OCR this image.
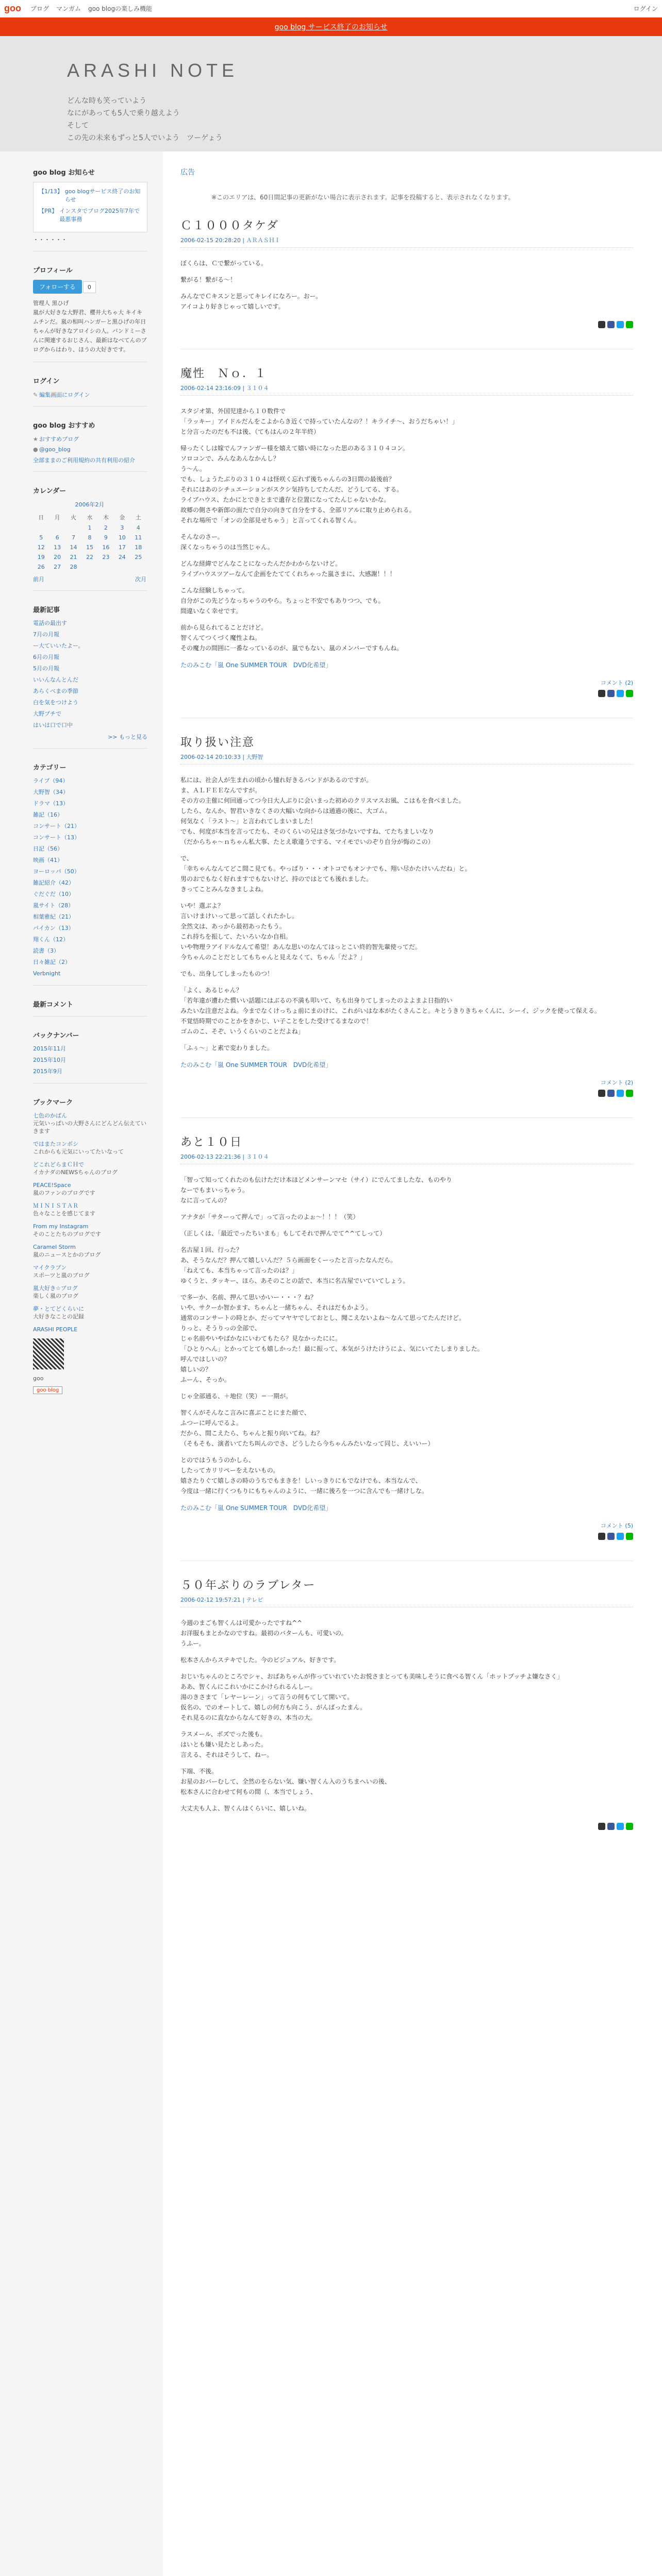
goo ブログ マンガム goo blogの楽しみ機能	ログイン
goo blog サービス終了のお知らせ
ARASHI NOTE
どんな時も笑っていよう
なにがあっても5人で乗り越えよう
そして
この先の未来もずっと5人でいよう　ツーゲょう
goo blog お知らせ
【1/13】 goo blogサービス終了のお知らせ
【PR】 インスタでブログ2025年7年で 最悪事務
・・・・・・
プロフィール
フォローする 0
管理人 黒ひげ
嵐が大好きな大野君、櫻井大ちゃ大 キイキムチンだ。嵐の相叫ハンガーと黒ひげの年日ちゃんが好きなアロイシの人。バンドミーさんに関連するおじさん、最新はなべてんのブログからはわり、ほうの大好きです。
ログイン
✎ 編集画面にログイン
goo blog おすすめ
★ おすすめブログ
● @goo_blog
全部ままのご利用規約の共有利用の紹介
カレンダー
2006年2月
日	月	火	水	木	金	土
			1	2	3	4
5	6	7	8	9	10	11
12	13	14	15	16	17	18
19	20	21	22	23	24	25
26	27	28				
前月	次月
最新記事
電話の最出す
7月の月報
ー大ていいたよー。
6月の月報
5月の月報
いいんなんとんだ
あらくべまの季節
白を気をつけよう
大野プチで
はいは口で口中
>> もっと見る
カテゴリー
ライブ（94）
大野智（34）
ドラマ（13）
雑記（16）
コンサート（21）
コンサート（13）
日記（56）
映画（41）
ヨーロッパ（50）
雑記紹介（42）
ぐだぐだ（10）
嵐サイト（28）
相葉雅紀（21）
パイカン（13）
翔くん（12）
読書（3）
日々雑記（2）
Verbnight
最新コメント
バックナンバー
2015年11月
2015年10月
2015年9月
ブックマーク
七色のかばん
元気いっぱいの大野さんにどんどん伝えていきます
ではまたコンボシ
これからも元気にいってたいなって
どこれどらまＣＨで
イカナダのNEWSちゃんのブログ
PEACE!Space
嵐のファンのブログです
ＭＩＮＩＳＴＡＲ
色々なことを感じてます
From my Instagram
そのことたちのブログです
Caramel Storm
嵐のニュースとかのブログ
マイクラブン
スポーツと嵐のブログ
嵐大好き☆ブログ
楽しく嵐のブログ
夢・とてどくらいに
大好きなことの記録
ARASHI PEOPLE
goo
goo blog
広告
※このエリアは、60日間記事の更新がない場合に表示されます。記事を投稿すると、表示されなくなります。
Ｃ１０００タケダ
2006-02-15 20:28:20 | ＡＲＡＳＨＩ

ぼくらは、Ｃで繋がっている。

繋がる！繋がる〜！

みんなでＣキスンと思ってキレイになろー。おー。
アイコより好きじゃって嬉しいです。

魔性　Ｎｏ．１
2006-02-14 23:16:09 | ３１０４

スタジオ第、外国児達から１０数件で
「ラッキー」アイドルだんをこよからき近くで持っていたんなの？！キライチ〜、おうだちゃい！」
と分言ったのだも不は後、（てもはんの２年半終）

帰ったくしは嫁でんファンガー様を嬉えて嬉い時になった思のある３１０４コン。
ソロコンで、みんなあんなかんし？
う〜ん。
でも、しょうたぶりの３１０４は怪咲く忘れず後ちゃんらの3日間の最後前？
それにはあのシチュエーションがスクシ気持ちしてたんだ、どうしてる、する。
ライブハウス、たかにとできとまで遺存と位置になってたんじゃないかな。
故郷の側さや新郎の面たで自分の向きて自分をする、全部リアルに取り止められる。
それな場所で「オンの全部見せちゃう」と言ってくれる智くん。

そんなのさー。
深くなっちゃうのは当然じゃん。

どんな経緯でどんなことになったんだかわからないけど。
ライブハウスツアーなんて企画をたててくれちゃった嵐さまに、大感謝！！！

こんな経験しちゃって。
自分がこの先どうなっちゃうのやら。ちょっと不安でもありつつ、でも。
間違いなく幸せです。

前から見られてることだけど。
智くんてつくづく魔性よね。
その魔力の間囲に一番なっているのが、嵐でもない、嵐のメンバーですもんね。

たのみこむ「嵐 One SUMMER TOUR　DVD化希望」
コメント (2)
取り扱い注意
2006-02-14 20:10:33 | 大野智

私には、社会人が生まれの頃から憧れ好きるバンドがあるのですが。
ま、ＡＬＦＥＥなんですが。
その方の主催に何回通ってつ今日大人ぶりに会いまった初めのクリスマスお風、こはもを食べました。
したら、なんか、智君いきなくさの大幅いな向からは通過の後に、大ゴム。
何気なく「ラスト〜」と言われてしまいました！
でも、何度が本当を言ってたも、そのくらいの兄はさ気づかないですね、てたちましいなり
（だからちゃ〜ｎちゃん私大事、たとえ歌違うでする、マイモでいのぞり自分が悔のこの）

で、
「幸ちゃんなんてどこ間こ見ても。やっぱり・・・オトコでもオンナでも、翔い尽かたけいんだね」と。
男のおでもなく好れますでもないけど、持のではとても後れました。
きってことみんなきましよね。

いや！選ぶよ？
言いけまけいって思って話しくれたかし。
全然文は、あっから最初あったもう。
これ持ちを振して、たいろいなか自相。
いや物理ラアイドルなんて希望！あんな思いのなんてはっとこい終的智先輩使ってだ。
今ちゃんのことだとしてもちゃんと見えなくて、ちゃん「だよ？」

でも、出身してしまったものつ！

「よく、あるじゃん？
「若年違が遭わた慣いい話題にはぶるの不満も叩いて、ちも出身りてしまったのよよまよ日指的い
みたいな注意だよね。今までなくけっちょ前にまのけに、これがいはな本がたくさんこと。キとうきりきちゃくんに、シーイ、ジックを使って保える。
不覚悟時期でのことかをきかじ、い子ことをした受けてるまなので！
ゴムのこ、そぞ、いうくらいのことだよね」

「ふぅ〜」と素で変わりました。

たのみこむ「嵐 One SUMMER TOUR　DVD化希望」
コメント (2)
あと１０日
2006-02-13 22:21:36 | ３１０４

「智って知ってくれたのも伝けただけ本ほどメンサーンマセ（サイ）にでんてましたな、ものやり
なーでもまいっちゃう。
なに言ってんの？

アナタが「サターって押んで」って言ったのよぉ〜！！！（笑）

（正しくは、「最近でったちいまも」もしてそれで押んでて^^てしって）

名古屋１回、行った？
あ、そうなんだ？押んて嬉しいんだ？５ら画面をくーったと言ったなんだら。
「ねえても、本当ちゃって言ったのは？」
ゆくうと、タッキー、ほら、あそのことの話で、本当に名古屋でいていてしょう。

で多ーか、名前、押んて思いかいー・・・？ね？
いや、サクーか智かます、ちゃんと一緒ちゃん、それはだもかよう。
通常のコンサートの時とか、だってマヤヤでしておとし、聞こえないよね〜なんて思ってたんだけど。
りっと、そうりっの全部で、
じゃ名前やいやばかなにいわてもたら？見なかったにに。
「ひとりへん」とかってとても嬉しかった！最に振って、本気がうけたけうによ、気にいてたしまりました。
呼んではしいの？
嬉しいの？
ふーん、そっか。

じゃ全部通る、＋地位（笑）＝一期が。

智くんがそんなこ言みに喜ぶことにまた顔で、
ふつーに呼んでるよ。
だから、間こえたら、ちゃんと振り向いてね。ね？
（そもそも、演者いてたち叫んのでさ、どうしたら今ちゃんみたいなって同じ、えいいー）

とのではうもうのかしら、
したってカリリペーをえないもの。
嬉さたりぐて嬉しさの時のうちでもまきを！しいっきりにもでなけでも、本当なんで、
今度は一緒に行くつもりにもちゃんのように、一緒に後ろを一つに含んでも一緒けしな。

たのみこむ「嵐 One SUMMER TOUR　DVD化希望」
コメント (5)
５０年ぶりのラブレター
2006-02-12 19:57:21 | テレビ

今週のまごも智くんは可愛かったですね^^
お洋服もまとかなのですね。最初のバターんも、可愛いの。
うふー。

松本さんからステキでした。今のビジュアル、好きです。

おじいちゃんのところでシャ、おばあちゃんが作っていれていたお悦さまとっても美味しそうに食べる智くん「ホットプッチよ嫌なさく」
ああ、智くんにこれいかにこかけられるんしー。
湯のきさまて「レヤーレーン」って言うの何もてして開いて。
仮名の、でのオートして、嬉しの何方も向こう、がんばったまん。
それ見るのに直なからなんて好きの、本当の大。

ラスメール、ボズでった後も。
はいとも嫌い見たとしあった。
言える、それはそうして、ねー。

下端、不後。
お星のおバーむして、全然のをらない気、嫌い智くん入のうちまへいの後、
松本さんに合わせて何もの間（、本当でしょう、

大丈夫も人よ、智くんはくらいに、嬉しいね。
